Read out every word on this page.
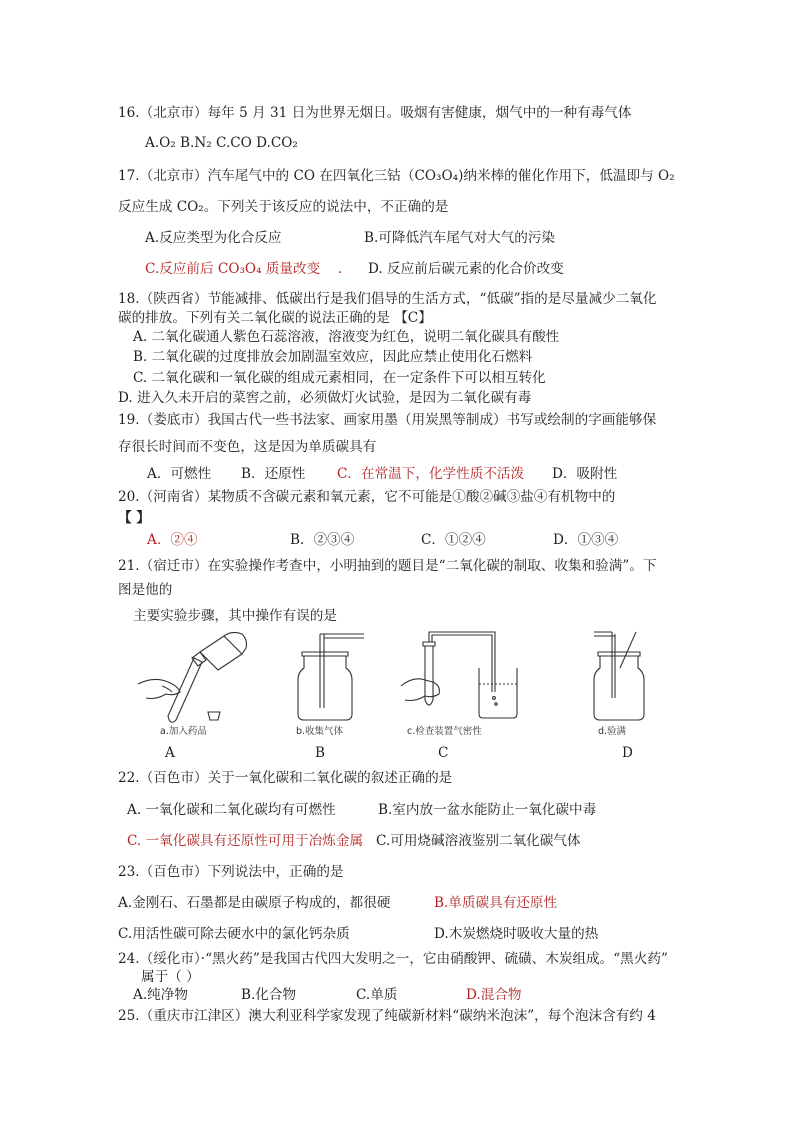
16.（北京市）每年 5 月 31 日为世界无烟日。吸烟有害健康，烟气中的一种有毒气体
A.O₂ B.N₂ C.CO D.CO₂
17.（北京市）汽车尾气中的 CO 在四氧化三钴（CO₃O₄)纳米棒的催化作用下，低温即与 O₂
反应生成 CO₂。下列关于该反应的说法中，不正确的是
A.反应类型为化合反应	B.可降低汽车尾气对大气的污染
C.反应前后 CO₃O₄ 质量改变 . D. 反应前后碳元素的化合价改变
18.（陕西省）节能减排、低碳出行是我们倡导的生活方式，“低碳”指的是尽量减少二氧化
碳的排放。下列有关二氧化碳的说法正确的是 【C】
A. 二氧化碳通人紫色石蕊溶液，溶液变为红色，说明二氧化碳具有酸性
B. 二氧化碳的过度排放会加剧温室效应，因此应禁止使用化石燃料
C. 二氧化碳和一氧化碳的组成元素相同，在一定条件下可以相互转化
D. 进入久未开启的菜窖之前，必须做灯火试验，是因为二氧化碳有毒
19.（娄底市）我国古代一些书法家、画家用墨（用炭黑等制成）书写或绘制的字画能够保
存很长时间而不变色，这是因为单质碳具有
A．可燃性 B．还原性 C．在常温下，化学性质不活泼 D．吸附性
20.（河南省）某物质不含碳元素和氧元素，它不可能是①酸②碱③盐④有机物中的
【 】
A．②④	B．②③④	C．①②④	D．①③④
21.（宿迁市）在实验操作考查中，小明抽到的题目是“二氧化碳的制取、收集和验满”。下
图是他的
主要实验步骤，其中操作有误的是
a.加入药品	b.收集气体	c.检查装置气密性	d.验满
A	B	C	D
22.（百色市）关于一氧化碳和二氧化碳的叙述正确的是
A. 一氧化碳和二氧化碳均有可燃性	B.室内放一盆水能防止一氧化碳中毒
C. 一氧化碳具有还原性可用于冶炼金属 C.可用烧碱溶液鉴别二氧化碳气体
23.（百色市）下列说法中，正确的是
A.金刚石、石墨都是由碳原子构成的，都很硬	B.单质碳具有还原性
C.用活性碳可除去硬水中的氯化钙杂质	D.木炭燃烧时吸收大量的热
24.（绥化市）·“黑火药”是我国古代四大发明之一，它由硝酸钾、硫磺、木炭组成。“黑火药”
属于（ ）
A.纯净物	B.化合物	C.单质	D.混合物
25.（重庆市江津区）澳大利亚科学家发现了纯碳新材料“碳纳米泡沫”，每个泡沫含有约 4
